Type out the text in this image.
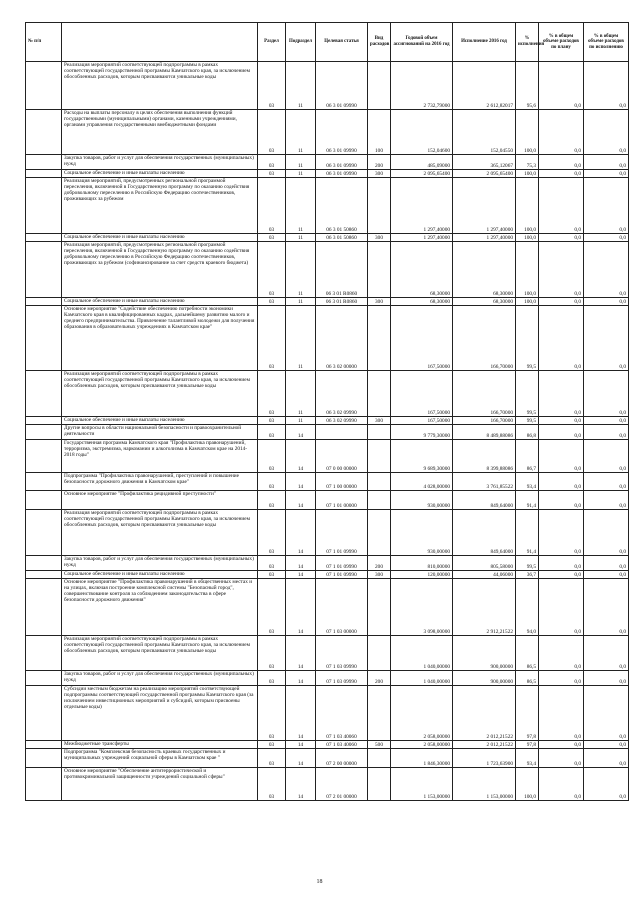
№ п/п		Раздел	Подраздел	Целевая статья	Вид расходов	Годовой объем ассигнований на 2016 год	Исполнение 2016 год	% исполнения	% в общем объеме расходов по плану	% в общем объеме расходов по исполнению
	Реализация мероприятий соответствующей подпрограммы в рамках соответствующей государственной программы Камчатского края, за исключением обособленных расходов, которым присваиваются уникальные коды	03	11	06 3 01 09990		2 732,79000	2 612,82017	95,6	0,0	0,0
	Расходы на выплаты персоналу в целях обеспечения выполнения функций государственными (муниципальными) органами, казенными учреждениями, органами управления государственными внебюджетными фондами	03	11	06 3 01 09990	100	152,04600	152,04550	100,0	0,0	0,0
	Закупка товаров, работ и услуг для обеспечения государственных (муниципальных) нужд	03	11	06 3 01 09990	200	485,09000	365,12067	75,3	0,0	0,0
	Социальное обеспечение и иные выплаты населению	03	11	06 3 01 09990	300	2 095,65400	2 095,65400	100,0	0,0	0,0
	Реализация мероприятий, предусмотренных региональной программой переселения, включенной в Государственную программу по оказанию содействия добровольному переселению в Российскую Федерацию соотечественников, проживающих за рубежом	03	11	06 3 01 50860		1 297,40000	1 297,40000	100,0	0,0	0,0
	Социальное обеспечение и иные выплаты населению	03	11	06 3 01 50860	300	1 297,40000	1 297,40000	100,0	0,0	0,0
	Реализация мероприятий, предусмотренных региональной программой переселения, включенной в Государственную программу по оказанию содействия добровольному переселению в Российскую Федерацию соотечественников, проживающих за рубежом (софинансирование за счет средств краевого бюджета)	03	11	06 3 01 R0860		68,30000	68,30000	100,0	0,0	0,0
	Социальное обеспечение и иные выплаты населению	03	11	06 3 01 R0860	300	68,30000	68,30000	100,0	0,0	0,0
	Основное мероприятие "Содействие обеспечению потребности экономики Камчатского края в квалифицированных кадрах, дальнейшему развитию малого и среднего предпринимательства. Привлечение талантливой молодежи для получения образования в образовательных учреждениях в Камчатском крае"	03	11	06 3 02 00000		167,50000	166,70000	99,5	0,0	0,0
	Реализация мероприятий соответствующей подпрограммы в рамках соответствующей государственной программы Камчатского края, за исключением обособленных расходов, которым присваиваются уникальные коды	03	11	06 3 02 09990		167,50000	166,70000	99,5	0,0	0,0
	Социальное обеспечение и иные выплаты населению	03	11	06 3 02 09990	300	167,50000	166,70000	99,5	0,0	0,0
	Другие вопросы в области национальной безопасности и правоохранительной деятельности	03	14			9 779,30000	8 489,88086	86,8	0,0	0,0
	Государственная программа Камчатского края "Профилактика правонарушений, терроризма, экстремизма, наркомании и алкоголизма в Камчатском крае на 2014-2018 годы"	03	14	07 0 00 00000		9 689,30000	8 399,88086	86,7	0,0	0,0
	Подпрограмма "Профилактика правонарушений, преступлений и повышение безопасности дорожного движения в Камчатском крае"	03	14	07 1 00 00000		4 028,00000	3 761,85522	93,4	0,0	0,0
	Основное мероприятие "Профилактика рецидивной преступности"	03	14	07 1 01 00000		930,00000	849,64000	91,4	0,0	0,0
	Реализация мероприятий соответствующей подпрограммы в рамках соответствующей государственной программы Камчатского края, за исключением обособленных расходов, которым присваиваются уникальные коды	03	14	07 1 01 09990		930,00000	849,64000	91,4	0,0	0,0
	Закупка товаров, работ и услуг для обеспечения государственных (муниципальных) нужд	03	14	07 1 01 09990	200	810,00000	805,58000	99,5	0,0	0,0
	Социальное обеспечение и иные выплаты населению	03	14	07 1 01 09990	300	120,00000	44,06000	36,7	0,0	0,0
	Основное мероприятие "Профилактика правонарушений в общественных местах и на улицах, включая построение комплексной системы "Безопасный город", совершенствование контроля за соблюдением законодательства в сфере безопасности дорожного движения"	03	14	07 1 03 00000		3 098,00000	2 912,21522	94,0	0,0	0,0
	Реализация мероприятий соответствующей подпрограммы в рамках соответствующей государственной программы Камчатского края, за исключением обособленных расходов, которым присваиваются уникальные коды	03	14	07 1 03 09990		1 040,00000	900,00000	86,5	0,0	0,0
	Закупка товаров, работ и услуг для обеспечения государственных (муниципальных) нужд	03	14	07 1 03 09990	200	1 040,00000	900,00000	86,5	0,0	0,0
	Субсидии местным бюджетам на реализацию мероприятий соответствующей подпрограммы соответствующей государственной программы Камчатского края (за исключением инвестиционных мероприятий и субсидий, которым присвоены отдельные коды)	03	14	07 1 03 40060		2 058,00000	2 012,21522	97,8	0,0	0,0
	Межбюджетные трансферты	03	14	07 1 03 40060	500	2 058,00000	2 012,21522	97,8	0,0	0,0
	Подпрограмма "Комплексная безопасность краевых государственных и муниципальных учреждений социальной сферы в Камчатском крае "	03	14	07 2 00 00000		1 846,30000	1 723,63900	93,4	0,0	0,0
	Основное мероприятие "Обеспечение антитеррористической и противокриминальной защищенности учреждений социальной сферы"	03	14	07 2 01 00000		1 153,00000	1 153,00000	100,0	0,0	0,0
18
